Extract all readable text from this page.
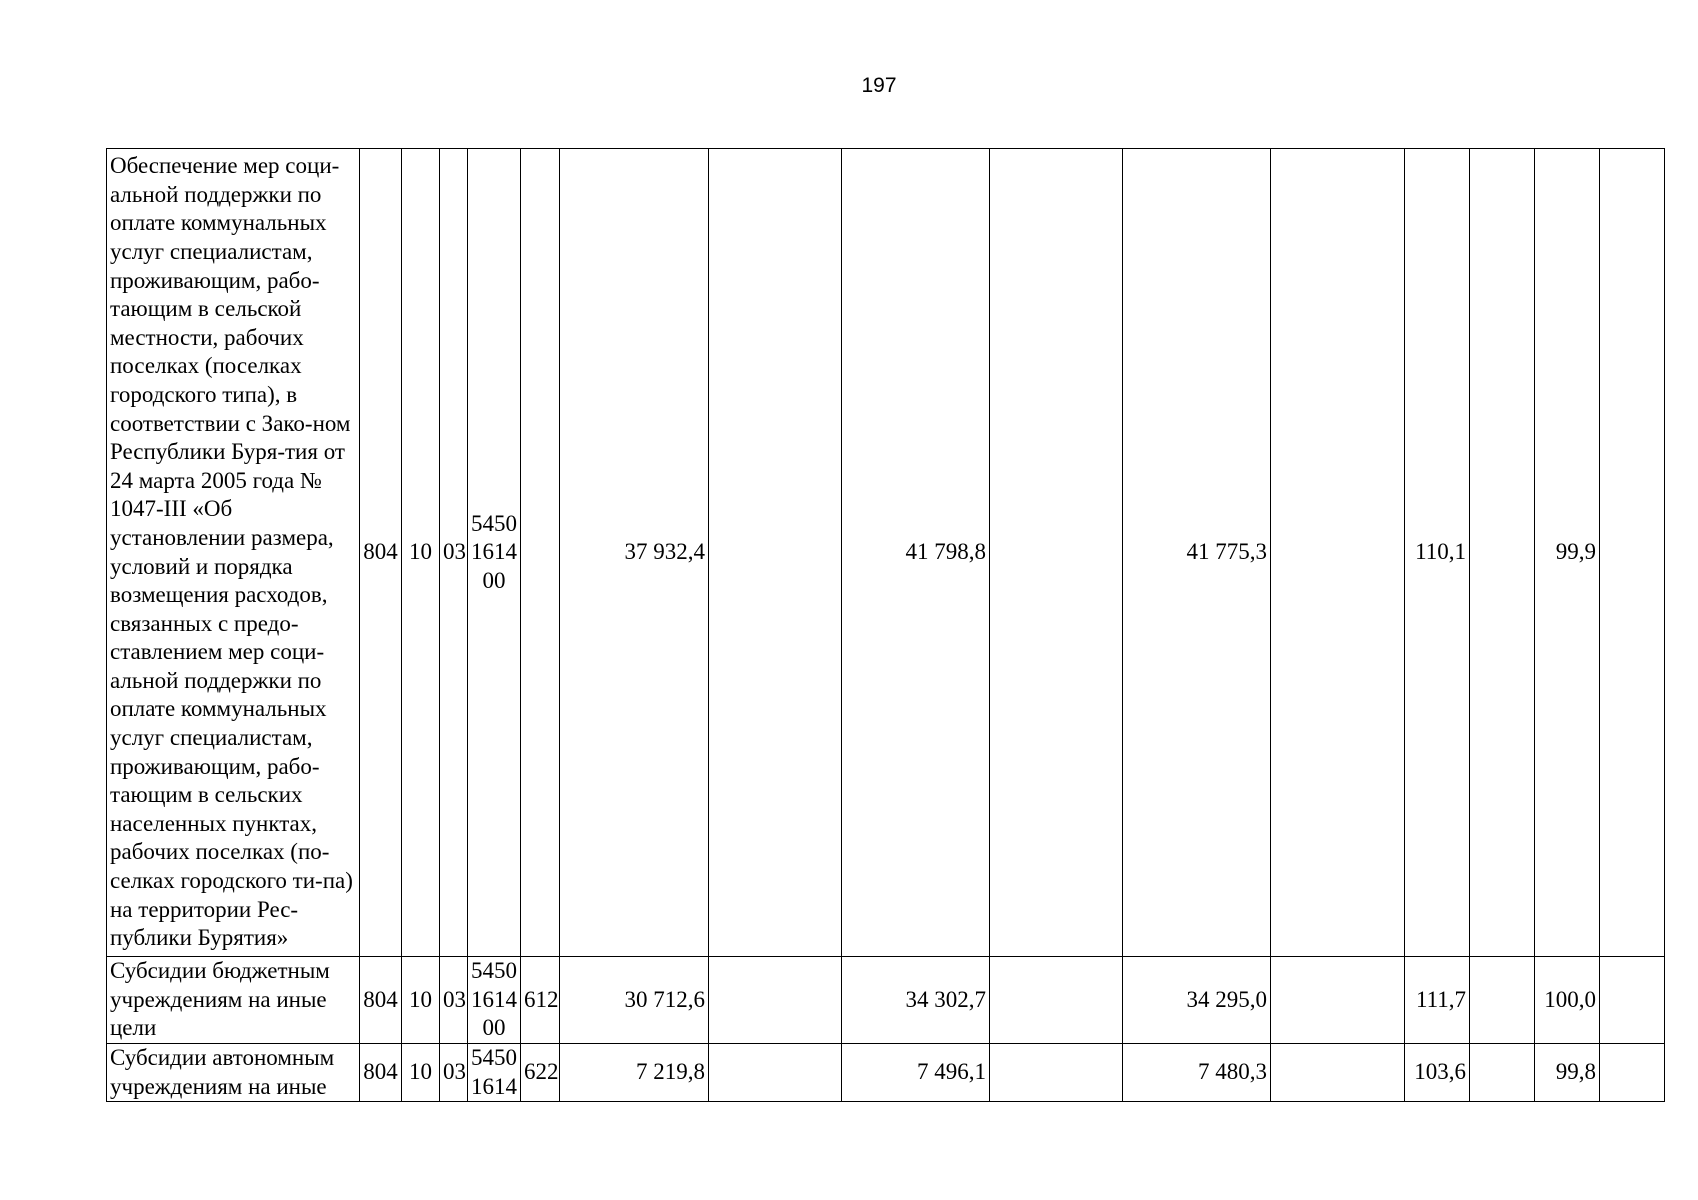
197
Обеспечение мер соци-альной поддержки по оплате коммунальных услуг специалистам, проживающим, рабо-тающим в сельской местности, рабочих поселках (поселках городского типа), в соответствии с Зако-ном Республики Буря-тия от 24 марта 2005 года № 1047-III «Об установлении размера, условий и порядка возмещения расходов, связанных с предо-ставлением мер соци-альной поддержки по оплате коммунальных услуг специалистам, проживающим, рабо-тающим в сельских населенных пунктах, рабочих поселках (по-селках городского ти-па) на территории Рес-публики Бурятия»	804	10	03	5450161400		37 932,4		41 798,8		41 775,3		110,1		99,9	
Субсидии бюджетным учреждениям на иные цели	804	10	03	5450161400	612	30 712,6		34 302,7		34 295,0		111,7		100,0	
Субсидии автономным учреждениям на иные	804	10	03	54501614	622	7 219,8		7 496,1		7 480,3		103,6		99,8	
